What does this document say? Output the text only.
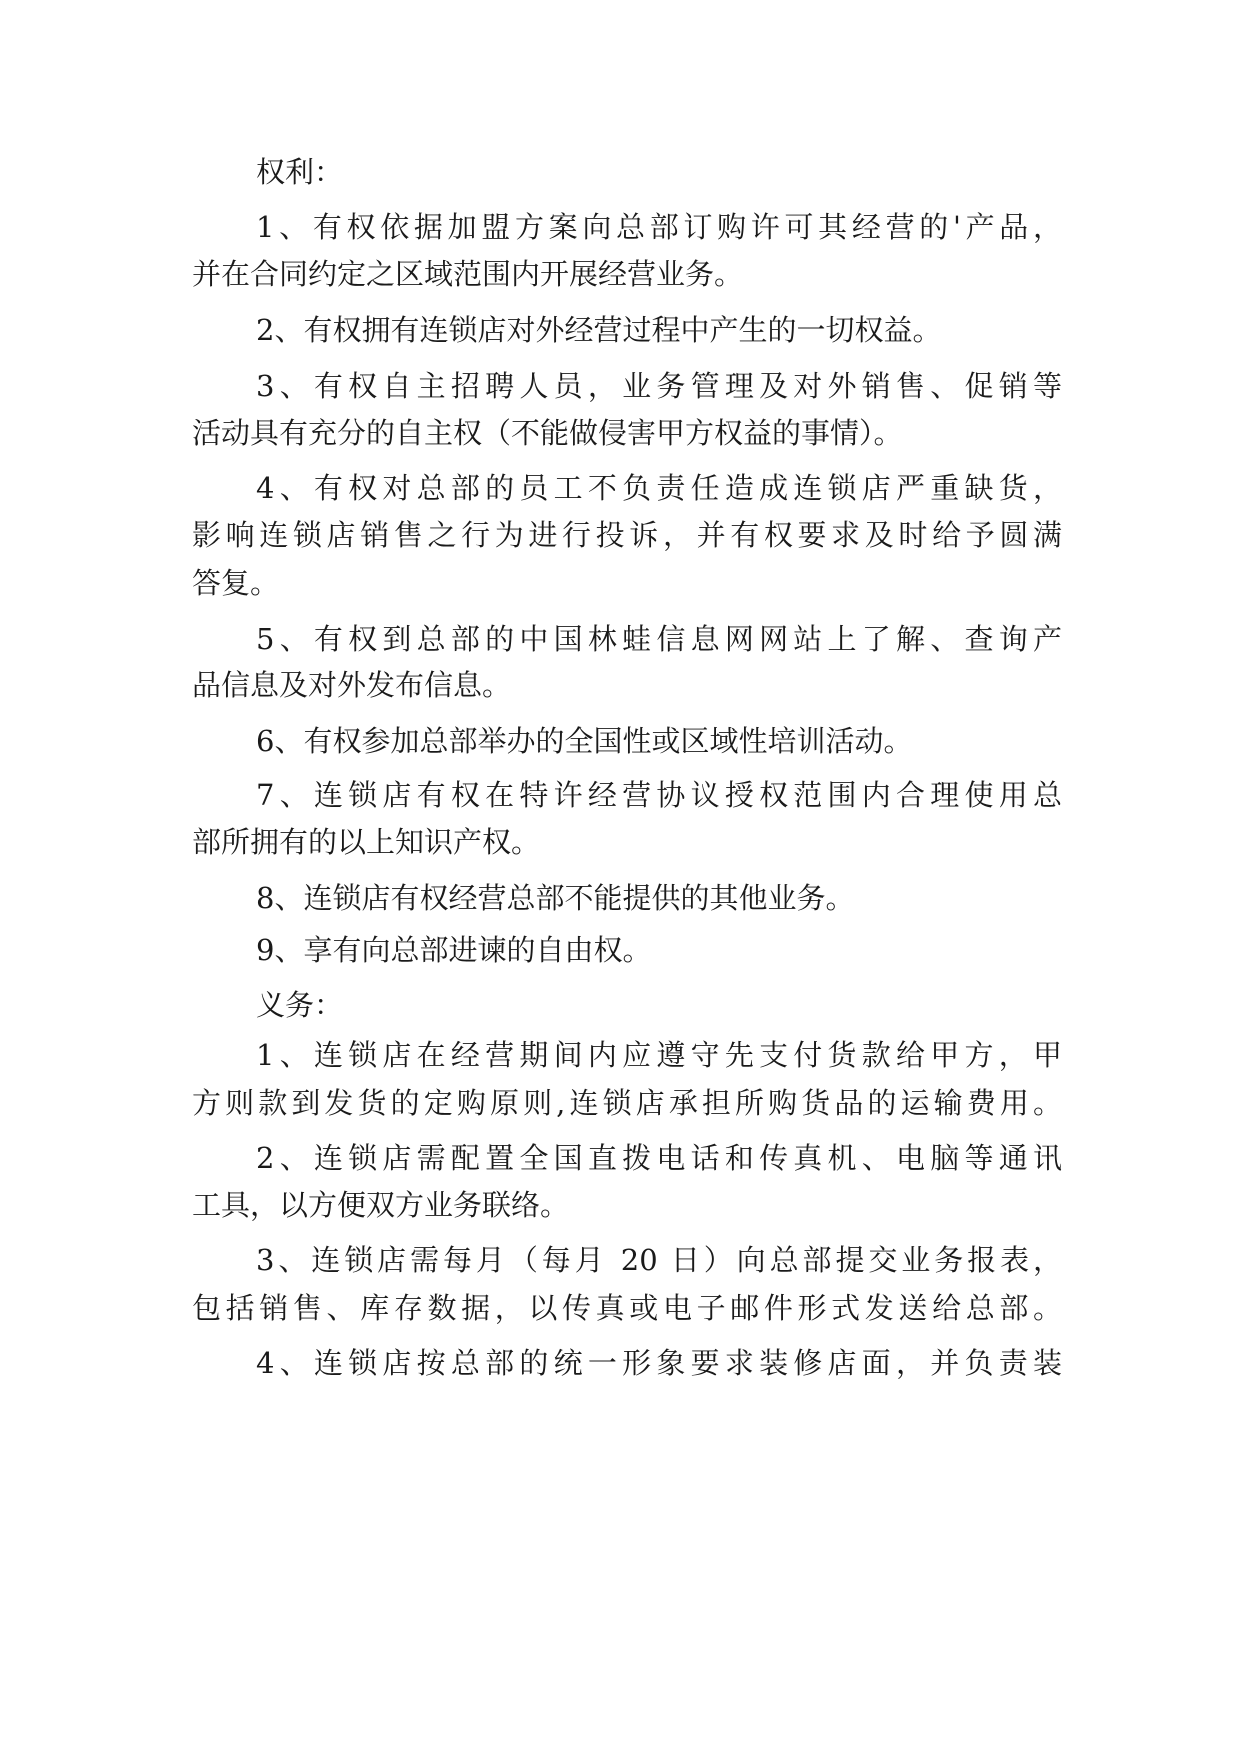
权利：
1、有权依据加盟方案向总部订购许可其经营的'产品，
并在合同约定之区域范围内开展经营业务。
2、有权拥有连锁店对外经营过程中产生的一切权益。
3、有权自主招聘人员，业务管理及对外销售、促销等
活动具有充分的自主权（不能做侵害甲方权益的事情）。
4、有权对总部的员工不负责任造成连锁店严重缺货，
影响连锁店销售之行为进行投诉，并有权要求及时给予圆满
答复。
5、有权到总部的中国林蛙信息网网站上了解、查询产
品信息及对外发布信息。
6、有权参加总部举办的全国性或区域性培训活动。
7、连锁店有权在特许经营协议授权范围内合理使用总
部所拥有的以上知识产权。
8、连锁店有权经营总部不能提供的其他业务。
9、享有向总部进谏的自由权。
义务：
1、连锁店在经营期间内应遵守先支付货款给甲方，甲
方则款到发货的定购原则,连锁店承担所购货品的运输费用。
2、连锁店需配置全国直拨电话和传真机、电脑等通讯
工具，以方便双方业务联络。
3、连锁店需每月（每月 20 日）向总部提交业务报表，
包括销售、库存数据，以传真或电子邮件形式发送给总部。
4、连锁店按总部的统一形象要求装修店面，并负责装
